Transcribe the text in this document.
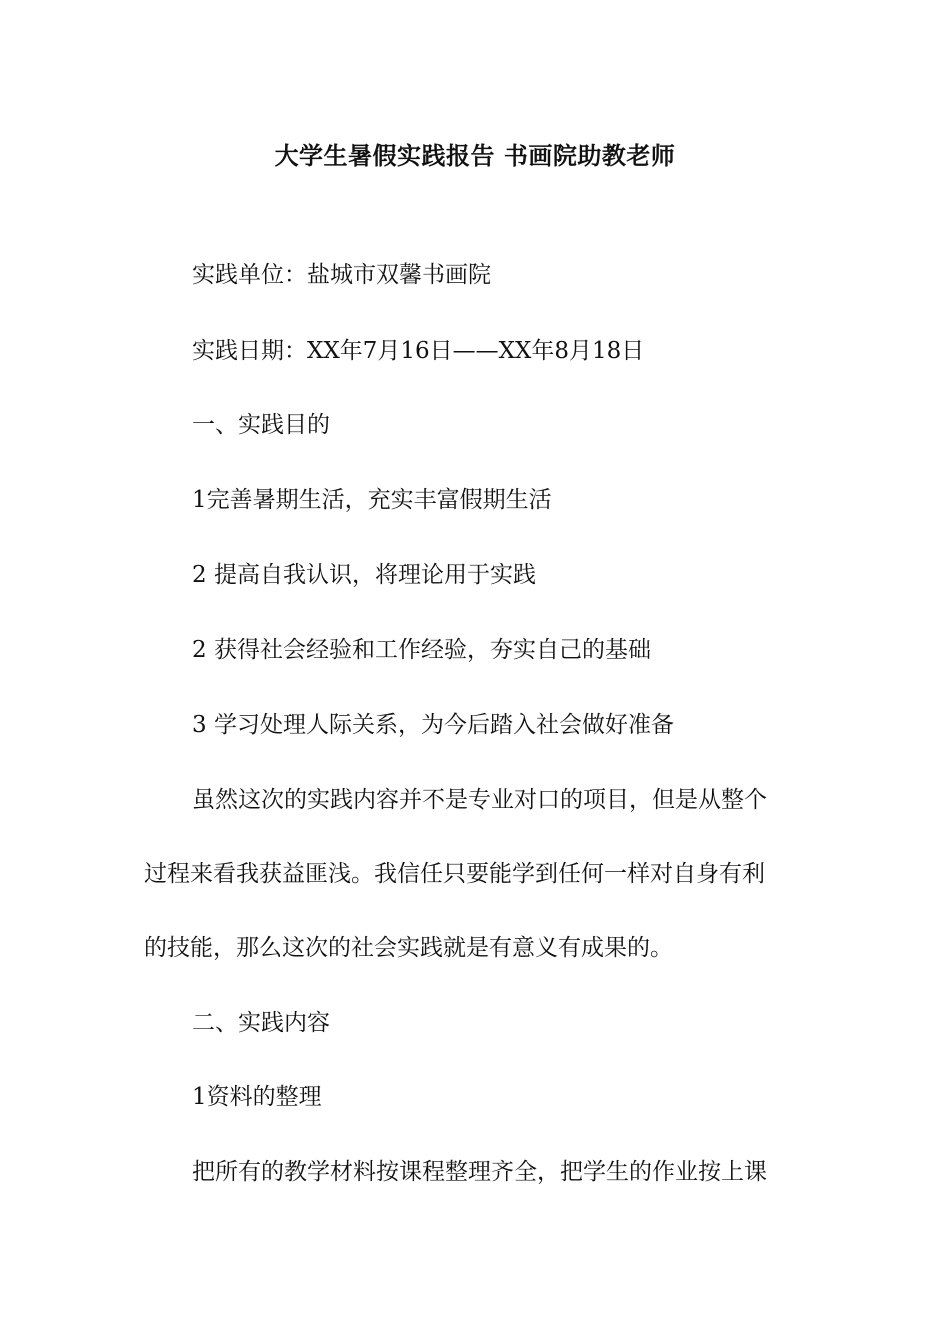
大学生暑假实践报告 书画院助教老师
实践单位：盐城市双馨书画院
实践日期：XX年7月16日——XX年8月18日
一、实践目的
1完善暑期生活，充实丰富假期生活
2 提高自我认识，将理论用于实践
2 获得社会经验和工作经验，夯实自己的基础
3 学习处理人际关系，为今后踏入社会做好准备
虽然这次的实践内容并不是专业对口的项目，但是从整个
过程来看我获益匪浅。我信任只要能学到任何一样对自身有利
的技能，那么这次的社会实践就是有意义有成果的。
二、实践内容
1资料的整理
把所有的教学材料按课程整理齐全，把学生的作业按上课
